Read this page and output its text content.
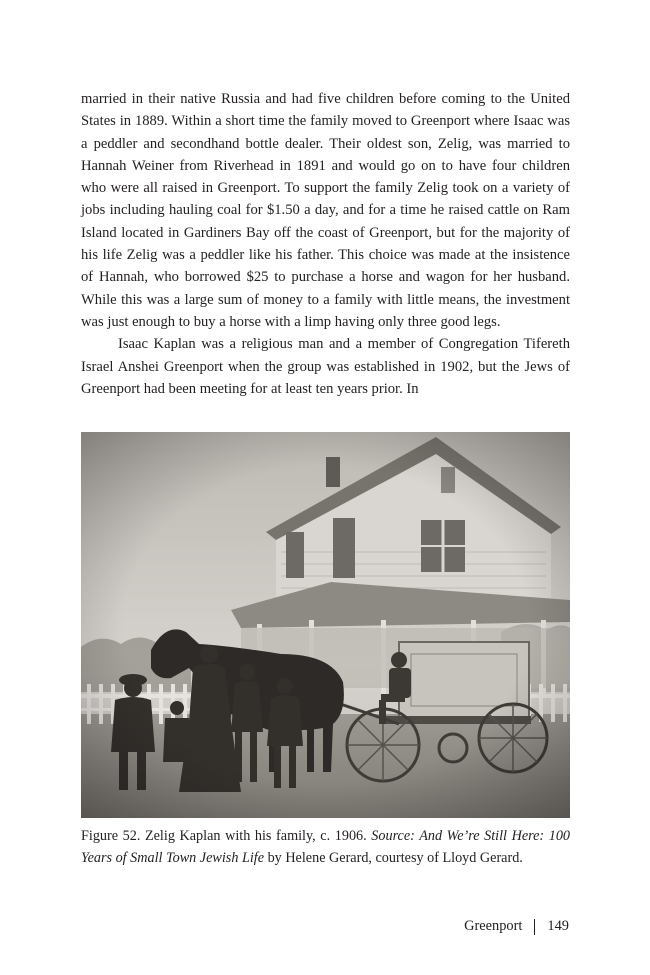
married in their native Russia and had five children before coming to the United States in 1889. Within a short time the family moved to Greenport where Isaac was a peddler and secondhand bottle dealer. Their oldest son, Zelig, was married to Hannah Weiner from Riverhead in 1891 and would go on to have four children who were all raised in Greenport. To support the family Zelig took on a variety of jobs including hauling coal for $1.50 a day, and for a time he raised cattle on Ram Island located in Gardiners Bay off the coast of Greenport, but for the majority of his life Zelig was a peddler like his father. This choice was made at the insistence of Hannah, who borrowed $25 to purchase a horse and wagon for her husband. While this was a large sum of money to a family with little means, the investment was just enough to buy a horse with a limp having only three good legs.

Isaac Kaplan was a religious man and a member of Congregation Tifereth Israel Anshei Greenport when the group was established in 1902, but the Jews of Greenport had been meeting for at least ten years prior. In

Figure 52. Zelig Kaplan with his family, c. 1906. Source: And We’re Still Here: 100 Years of Small Town Jewish Life by Helene Gerard, courtesy of Lloyd Gerard.
Greenport 149
